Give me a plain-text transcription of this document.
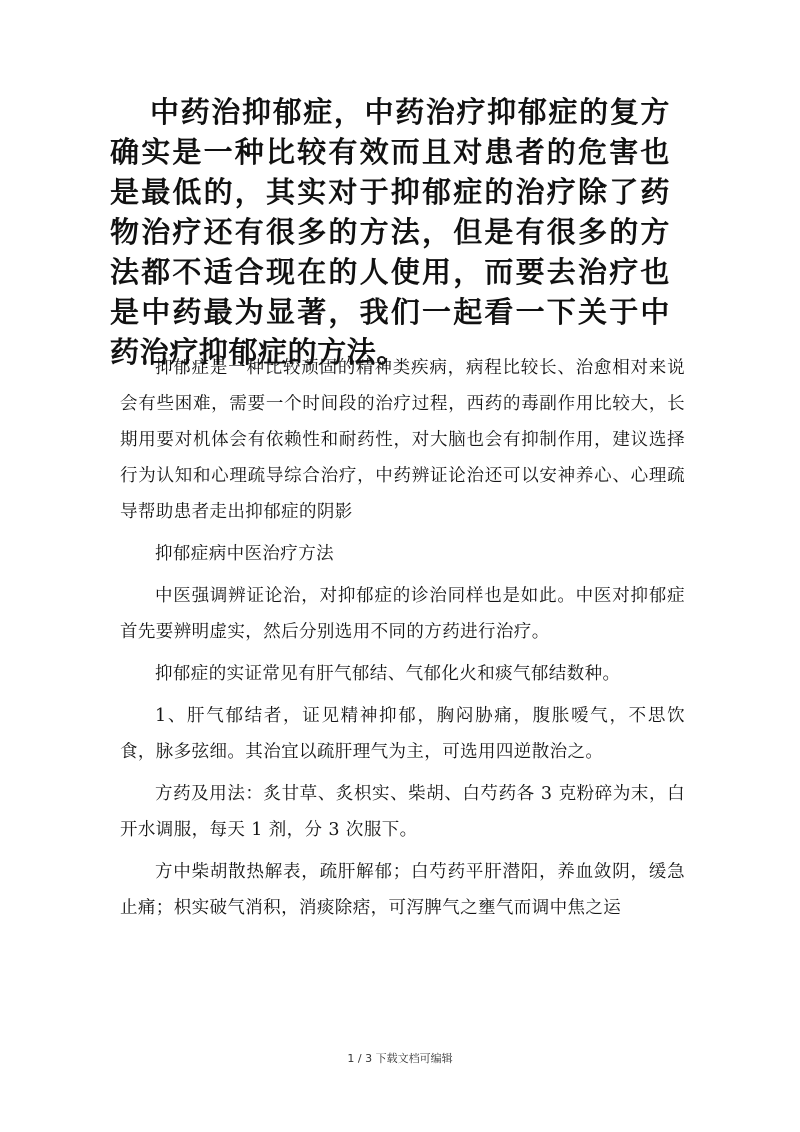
中药治抑郁症，中药治疗抑郁症的复方确实是一种比较有效而且对患者的危害也是最低的，其实对于抑郁症的治疗除了药物治疗还有很多的方法，但是有很多的方法都不适合现在的人使用，而要去治疗也是中药最为显著，我们一起看一下关于中药治疗抑郁症的方法。

抑郁症是一种比较顽固的精神类疾病，病程比较长、治愈相对来说会有些困难，需要一个时间段的治疗过程，西药的毒副作用比较大，长期用要对机体会有依赖性和耐药性，对大脑也会有抑制作用，建议选择行为认知和心理疏导综合治疗，中药辨证论治还可以安神养心、心理疏导帮助患者走出抑郁症的阴影

抑郁症病中医治疗方法

中医强调辨证论治，对抑郁症的诊治同样也是如此。中医对抑郁症首先要辨明虚实，然后分别选用不同的方药进行治疗。

抑郁症的实证常见有肝气郁结、气郁化火和痰气郁结数种。

1、肝气郁结者，证见精神抑郁，胸闷胁痛，腹胀嗳气，不思饮食，脉多弦细。其治宜以疏肝理气为主，可选用四逆散治之。

方药及用法：炙甘草、炙枳实、柴胡、白芍药各 3 克粉碎为末，白开水调服，每天 1 剂，分 3 次服下。

方中柴胡散热解表，疏肝解郁；白芍药平肝潜阳，养血敛阴，缓急止痛；枳实破气消积，消痰除痞，可泻脾气之壅气而调中焦之运

1 / 3 下载文档可编辑
